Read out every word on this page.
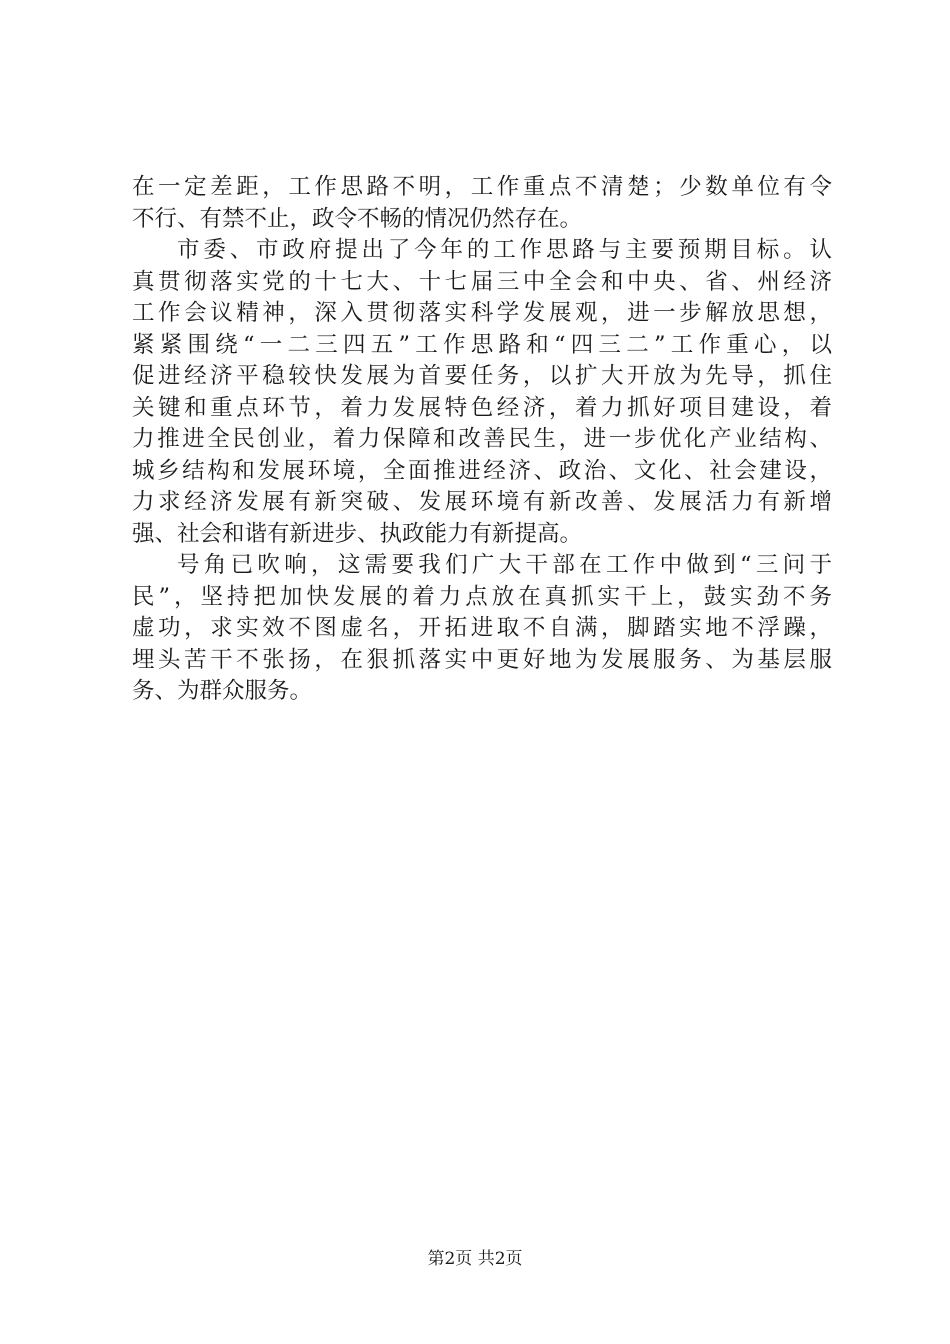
在一定差距，工作思路不明，工作重点不清楚；少数单位有令
不行、有禁不止，政令不畅的情况仍然存在。
市委、市政府提出了今年的工作思路与主要预期目标。认
真贯彻落实党的十七大、十七届三中全会和中央、省、州经济
工作会议精神，深入贯彻落实科学发展观，进一步解放思想，
紧紧围绕“一二三四五”工作思路和“四三二”工作重心，以
促进经济平稳较快发展为首要任务，以扩大开放为先导，抓住
关键和重点环节，着力发展特色经济，着力抓好项目建设，着
力推进全民创业，着力保障和改善民生，进一步优化产业结构、
城乡结构和发展环境，全面推进经济、政治、文化、社会建设，
力求经济发展有新突破、发展环境有新改善、发展活力有新增
强、社会和谐有新进步、执政能力有新提高。
号角已吹响，这需要我们广大干部在工作中做到“三问于
民”，坚持把加快发展的着力点放在真抓实干上，鼓实劲不务
虚功，求实效不图虚名，开拓进取不自满，脚踏实地不浮躁，
埋头苦干不张扬，在狠抓落实中更好地为发展服务、为基层服
务、为群众服务。
第2页 共2页
